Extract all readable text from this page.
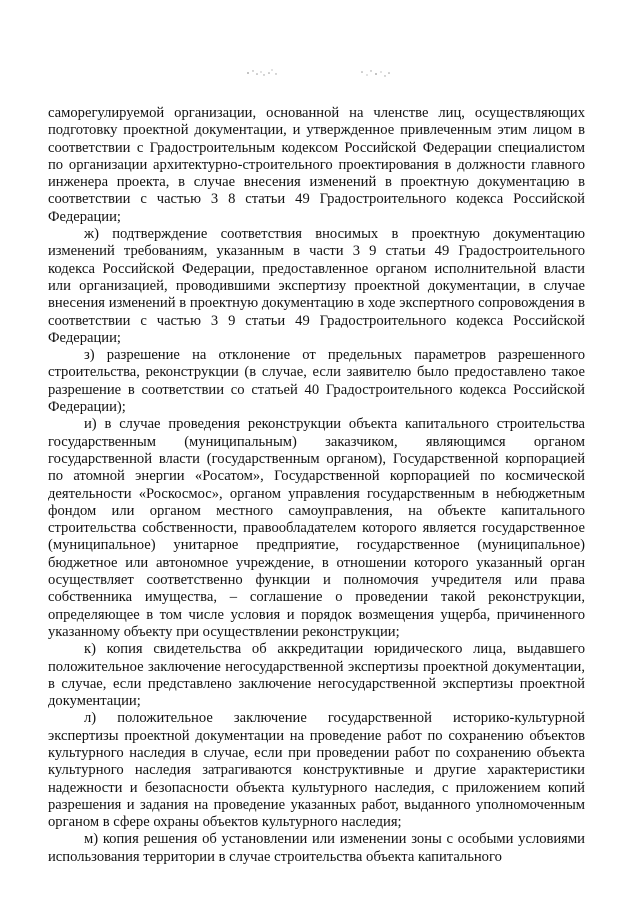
саморегулируемой организации, основанной на членстве лиц, осуществляющих подготовку проектной документации, и утвержденное привлеченным этим лицом в соответствии с Градостроительным кодексом Российской Федерации специалистом по организации архитектурно-строительного проектирования в должности главного инженера проекта, в случае внесения изменений в проектную документацию в соответствии с частью 3 8 статьи 49 Градостроительного кодекса Российской Федерации;

ж) подтверждение соответствия вносимых в проектную документацию изменений требованиям, указанным в части 3 9 статьи 49 Градостроительного кодекса Российской Федерации, предоставленное органом исполнительной власти или организацией, проводившими экспертизу проектной документации, в случае внесения изменений в проектную документацию в ходе экспертного сопровождения в соответствии с частью 3 9 статьи 49 Градостроительного кодекса Российской Федерации;

з) разрешение на отклонение от предельных параметров разрешенного строительства, реконструкции (в случае, если заявителю было предоставлено такое разрешение в соответствии со статьей 40 Градостроительного кодекса Российской Федерации);

и) в случае проведения реконструкции объекта капитального строительства государственным (муниципальным) заказчиком, являющимся органом государственной власти (государственным органом), Государственной корпорацией по атомной энергии «Росатом», Государственной корпорацией по космической деятельности «Роскосмос», органом управления государственным в небюджетным фондом или органом местного самоуправления, на объекте капитального строительства собственности, правообладателем которого является государственное (муниципальное) унитарное предприятие, государственное (муниципальное) бюджетное или автономное учреждение, в отношении которого указанный орган осуществляет соответственно функции и полномочия учредителя или права собственника имущества, – соглашение о проведении такой реконструкции, определяющее в том числе условия и порядок возмещения ущерба, причиненного указанному объекту при осуществлении реконструкции;

к) копия свидетельства об аккредитации юридического лица, выдавшего положительное заключение негосударственной экспертизы проектной документации, в случае, если представлено заключение негосударственной экспертизы проектной документации;

л) положительное заключение государственной историко-культурной экспертизы проектной документации на проведение работ по сохранению объектов культурного наследия в случае, если при проведении работ по сохранению объекта культурного наследия затрагиваются конструктивные и другие характеристики надежности и безопасности объекта культурного наследия, с приложением копий разрешения и задания на проведение указанных работ, выданного уполномоченным органом в сфере охраны объектов культурного наследия;

м) копия решения об установлении или изменении зоны с особыми условиями использования территории в случае строительства объекта капитального
